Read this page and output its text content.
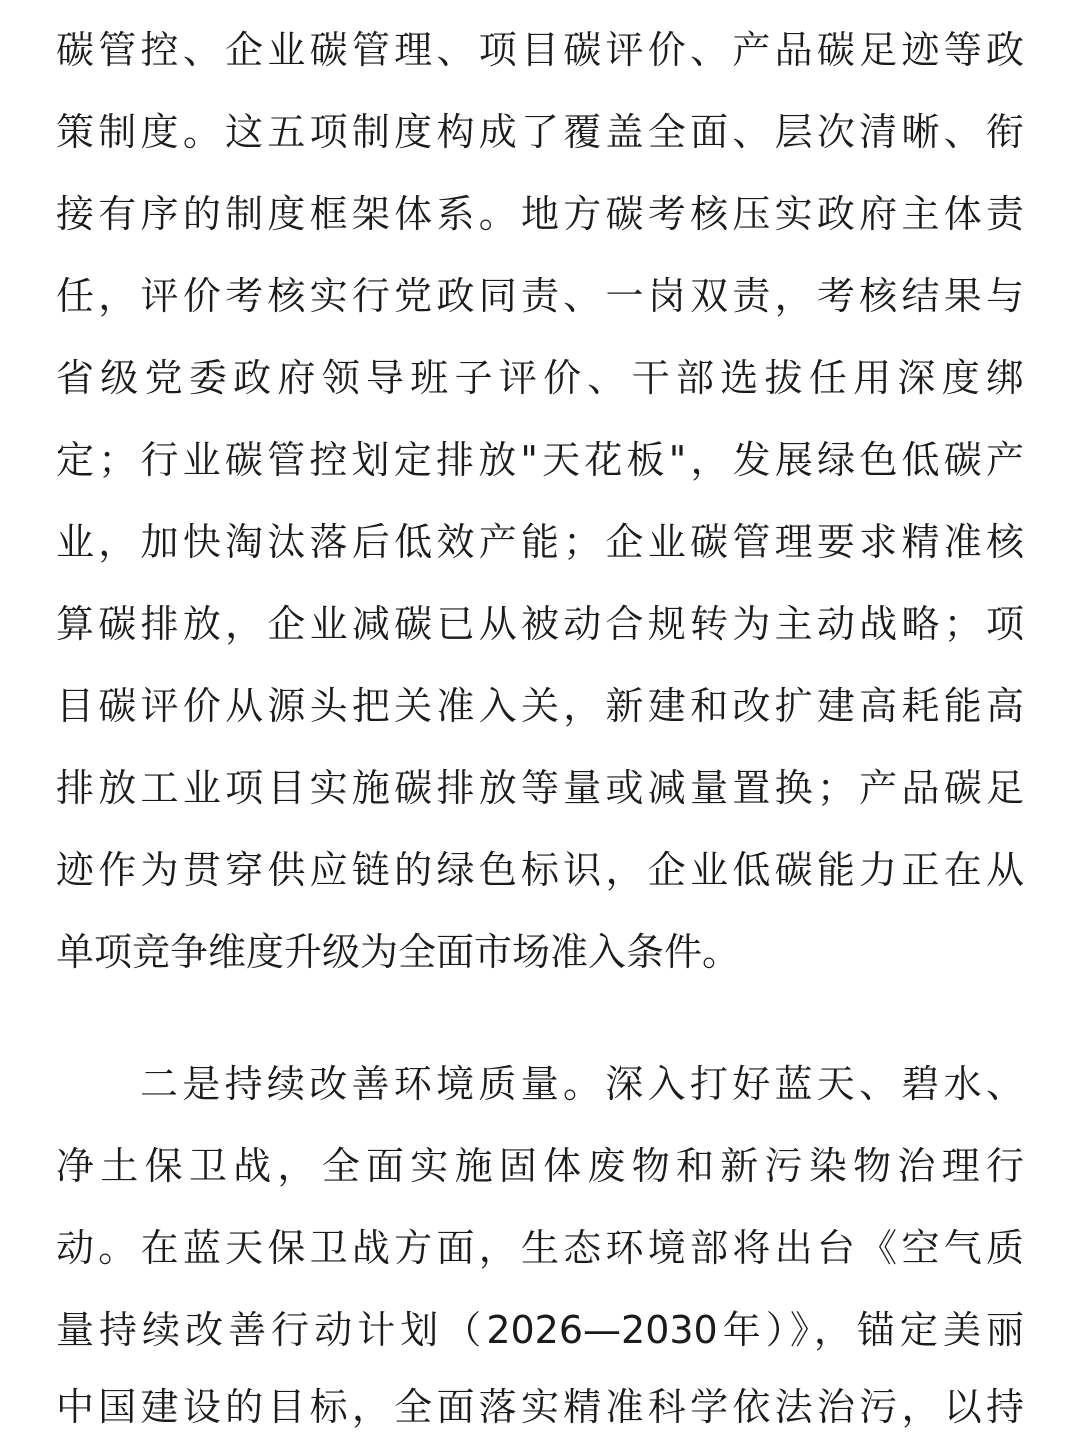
碳管控、企业碳管理、项目碳评价、产品碳足迹等政
策制度。这五项制度构成了覆盖全面、层次清晰、衔
接有序的制度框架体系。地方碳考核压实政府主体责
任，评价考核实行党政同责、一岗双责，考核结果与
省级党委政府领导班子评价、干部选拔任用深度绑
定；行业碳管控划定排放"天花板"，发展绿色低碳产
业，加快淘汰落后低效产能；企业碳管理要求精准核
算碳排放，企业减碳已从被动合规转为主动战略；项
目碳评价从源头把关准入关，新建和改扩建高耗能高
排放工业项目实施碳排放等量或减量置换；产品碳足
迹作为贯穿供应链的绿色标识，企业低碳能力正在从
单项竞争维度升级为全面市场准入条件。
二是持续改善环境质量。深入打好蓝天、碧水、
净土保卫战，全面实施固体废物和新污染物治理行
动。在蓝天保卫战方面，生态环境部将出台《空气质
量持续改善行动计划（2026—2030年）》，锚定美丽
中国建设的目标，全面落实精准科学依法治污，以持
